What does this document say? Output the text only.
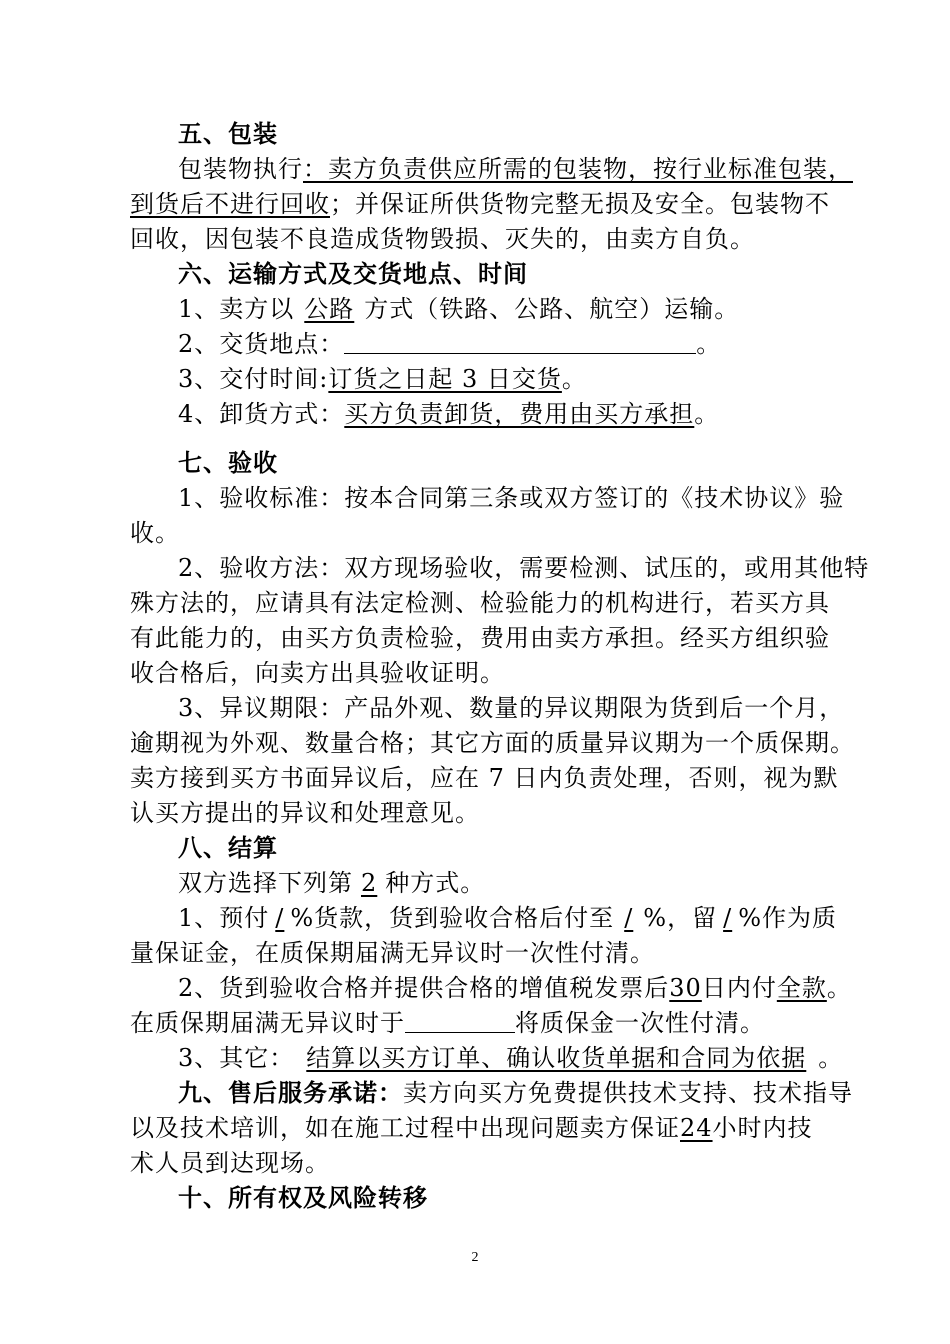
五、包装
包装物执行：卖方负责供应所需的包装物，按行业标准包装，
到货后不进行回收；并保证所供货物完整无损及安全。包装物不
回收，因包装不良造成货物毁损、灭失的，由卖方自负。
六、运输方式及交货地点、时间
1、卖方以 公路 方式（铁路、公路、航空）运输。
2、交货地点：	。
3、交付时间:订货之日起 3 日交货。
4、卸货方式：买方负责卸货，费用由买方承担。
七、验收
1、验收标准：按本合同第三条或双方签订的《技术协议》验
收。
2、验收方法：双方现场验收，需要检测、试压的，或用其他特
殊方法的，应请具有法定检测、检验能力的机构进行，若买方具
有此能力的，由买方负责检验，费用由卖方承担。经买方组织验
收合格后，向卖方出具验收证明。
3、异议期限：产品外观、数量的异议期限为货到后一个月，
逾期视为外观、数量合格；其它方面的质量异议期为一个质保期。
卖方接到买方书面异议后，应在 7 日内负责处理，否则，视为默
认买方提出的异议和处理意见。
八、结算
双方选择下列第 2 种方式。
1、预付 / %货款，货到验收合格后付至 / %，留 / %作为质
量保证金，在质保期届满无异议时一次性付清。
2、货到验收合格并提供合格的增值税发票后30日内付全款。
在质保期届满无异议时于	将质保金一次性付清。
3、其它： 结算以买方订单、确认收货单据和合同为依据 。
九、售后服务承诺：卖方向买方免费提供技术支持、技术指导
以及技术培训，如在施工过程中出现问题卖方保证24小时内技
术人员到达现场。
十、所有权及风险转移
2
